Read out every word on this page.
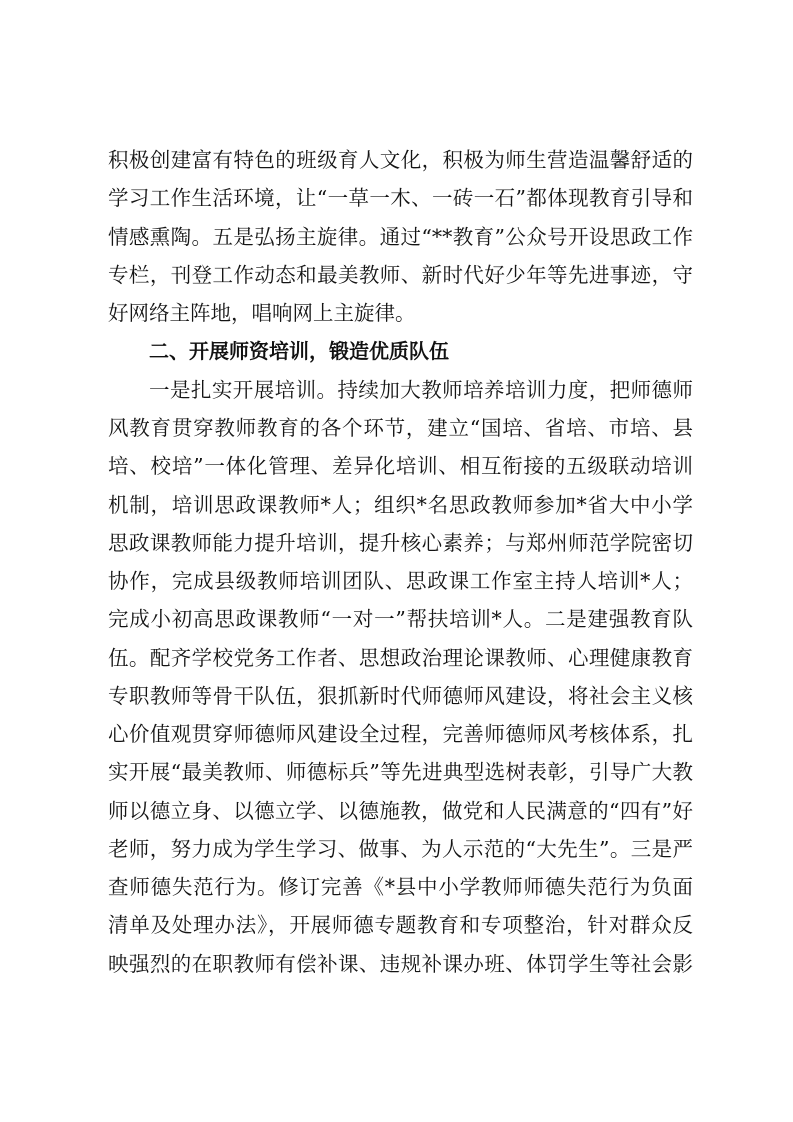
积极创建富有特色的班级育人文化，积极为师生营造温馨舒适的
学习工作生活环境，让“一草一木、一砖一石”都体现教育引导和
情感熏陶。五是弘扬主旋律。通过“**教育”公众号开设思政工作
专栏，刊登工作动态和最美教师、新时代好少年等先进事迹，守
好网络主阵地，唱响网上主旋律。
二、开展师资培训，锻造优质队伍
一是扎实开展培训。持续加大教师培养培训力度，把师德师
风教育贯穿教师教育的各个环节，建立“国培、省培、市培、县
培、校培”一体化管理、差异化培训、相互衔接的五级联动培训
机制，培训思政课教师*人；组织*名思政教师参加*省大中小学
思政课教师能力提升培训，提升核心素养；与郑州师范学院密切
协作，完成县级教师培训团队、思政课工作室主持人培训*人；
完成小初高思政课教师“一对一”帮扶培训*人。二是建强教育队
伍。配齐学校党务工作者、思想政治理论课教师、心理健康教育
专职教师等骨干队伍，狠抓新时代师德师风建设，将社会主义核
心价值观贯穿师德师风建设全过程，完善师德师风考核体系，扎
实开展“最美教师、师德标兵”等先进典型选树表彰，引导广大教
师以德立身、以德立学、以德施教，做党和人民满意的“四有”好
老师，努力成为学生学习、做事、为人示范的“大先生”。三是严
查师德失范行为。修订完善《*县中小学教师师德失范行为负面
清单及处理办法》，开展师德专题教育和专项整治，针对群众反
映强烈的在职教师有偿补课、违规补课办班、体罚学生等社会影
